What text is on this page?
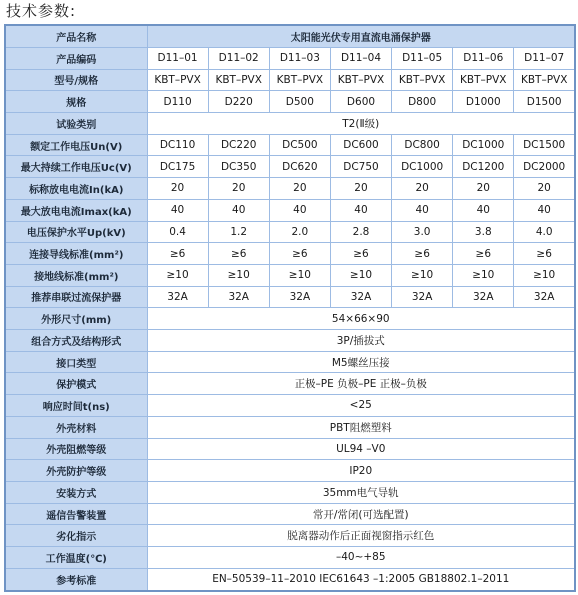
技术参数:
产品名称	太阳能光伏专用直流电涌保护器						
产品编码	D11–01	D11–02	D11–03	D11–04	D11–05	D11–06	D11–07
型号/规格	KBT–PVX	KBT–PVX	KBT–PVX	KBT–PVX	KBT–PVX	KBT–PVX	KBT–PVX
规格	D110	D220	D500	D600	D800	D1000	D1500
试验类别	T2(Ⅱ级)						
额定工作电压Un(V)	DC110	DC220	DC500	DC600	DC800	DC1000	DC1500
最大持续工作电压Uc(V)	DC175	DC350	DC620	DC750	DC1000	DC1200	DC2000
标称放电电流In(kA)	20	20	20	20	20	20	20
最大放电电流Imax(kA)	40	40	40	40	40	40	40
电压保护水平Up(kV)	0.4	1.2	2.0	2.8	3.0	3.8	4.0
连接导线标准(mm²)	≥6	≥6	≥6	≥6	≥6	≥6	≥6
接地线标准(mm²)	≥10	≥10	≥10	≥10	≥10	≥10	≥10
推荐串联过流保护器	32A	32A	32A	32A	32A	32A	32A
外形尺寸(mm)	54×66×90						
组合方式及结构形式	3P/插拔式						
接口类型	M5螺丝压接						
保护模式	正极–PE 负极–PE 正极–负极						
响应时间t(ns)	<25						
外壳材料	PBT阻燃塑料						
外壳阻燃等级	UL94 –V0						
外壳防护等级	IP20						
安装方式	35mm电气导轨						
遥信告警装置	常开/常闭(可选配置)						
劣化指示	脱离器动作后正面视窗指示红色						
工作温度(℃)	–40~+85						
参考标准	EN–50539–11–2010 IEC61643 –1:2005 GB18802.1–2011						
